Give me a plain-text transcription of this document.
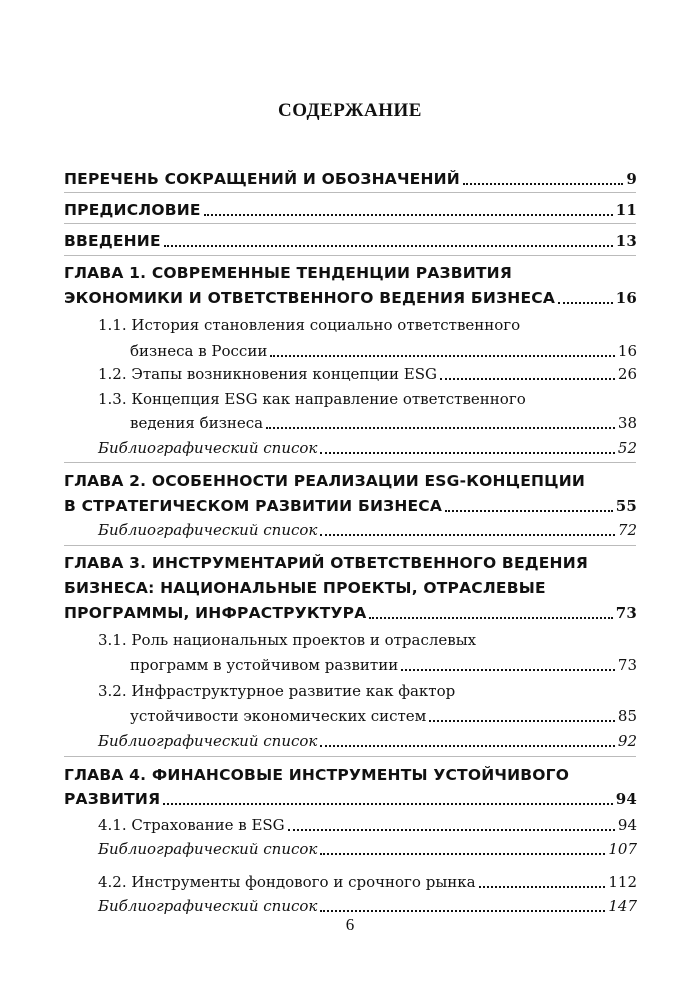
СОДЕРЖАНИЕ
ПЕРЕЧЕНЬ СОКРАЩЕНИЙ И ОБОЗНАЧЕНИЙ	9
ПРЕДИСЛОВИЕ	11
ВВЕДЕНИЕ	13
ГЛАВА 1. СОВРЕМЕННЫЕ ТЕНДЕНЦИИ РАЗВИТИЯ
ЭКОНОМИКИ И ОТВЕТСТВЕННОГО ВЕДЕНИЯ БИЗНЕСА	16
1.1. История становления социально ответственного
бизнеса в России	16
1.2. Этапы возникновения концепции ESG	26
1.3. Концепция ESG как направление ответственного
ведения бизнеса	38
Библиографический список	52
ГЛАВА 2. ОСОБЕННОСТИ РЕАЛИЗАЦИИ ESG-КОНЦЕПЦИИ
В СТРАТЕГИЧЕСКОМ РАЗВИТИИ БИЗНЕСА	55
Библиографический список	72
ГЛАВА 3. ИНСТРУМЕНТАРИЙ ОТВЕТСТВЕННОГО ВЕДЕНИЯ
БИЗНЕСА: НАЦИОНАЛЬНЫЕ ПРОЕКТЫ, ОТРАСЛЕВЫЕ
ПРОГРАММЫ, ИНФРАСТРУКТУРА	73
3.1. Роль национальных проектов и отраслевых
программ в устойчивом развитии	73
3.2. Инфраструктурное развитие как фактор
устойчивости экономических систем	85
Библиографический список	92
ГЛАВА 4. ФИНАНСОВЫЕ ИНСТРУМЕНТЫ УСТОЙЧИВОГО
РАЗВИТИЯ	94
4.1. Страхование в ESG	94
Библиографический список	107
4.2. Инструменты фондового и срочного рынка	112
Библиографический список	147
6
